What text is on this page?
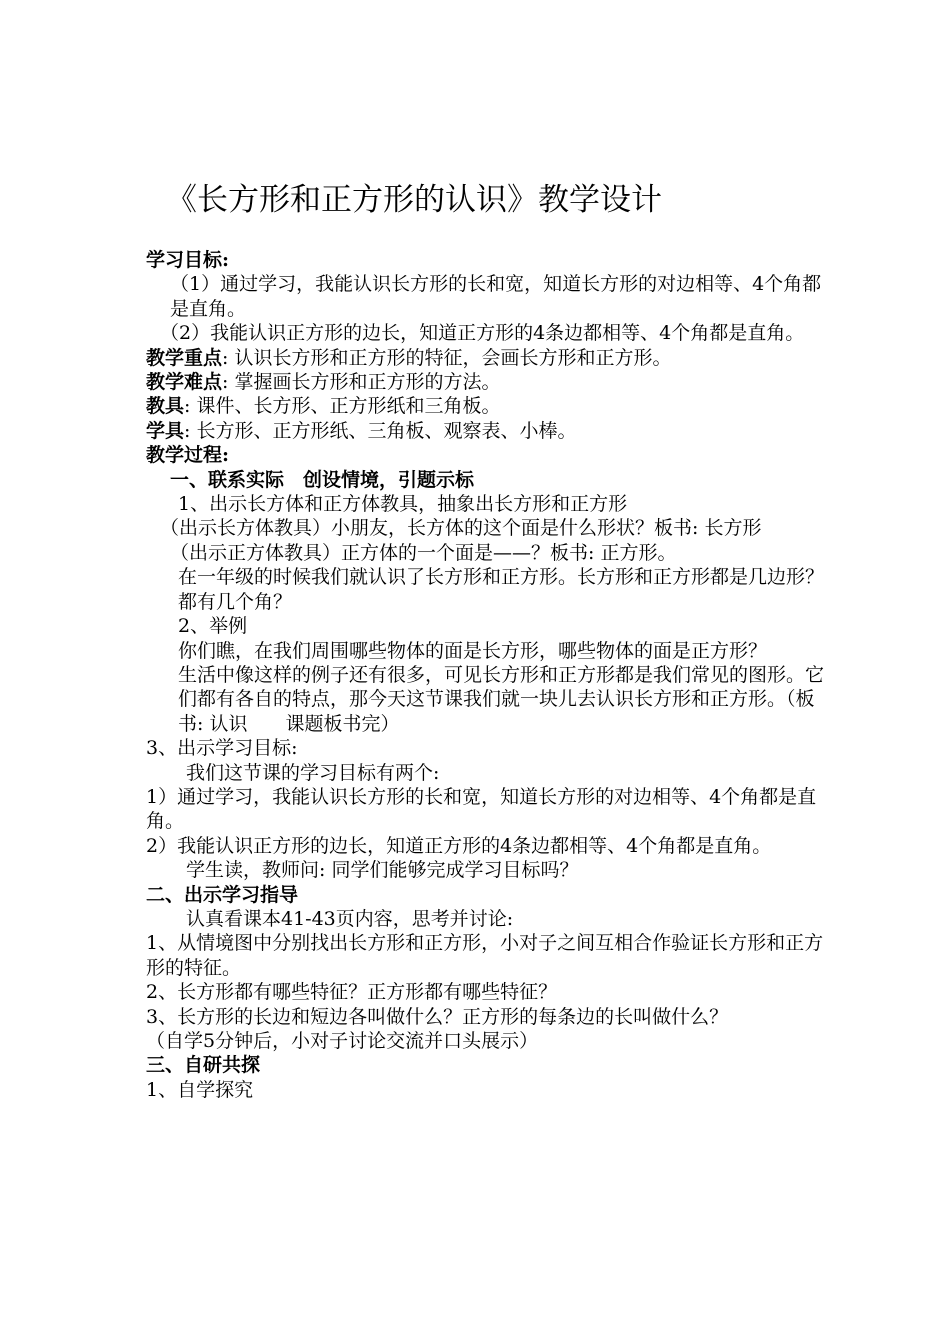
《长方形和正方形的认识》教学设计

学习目标:

（1）通过学习，我能认识长方形的长和宽，知道长方形的对边相等、4个角都是直角。

（2）我能认识正方形的边长，知道正方形的4条边都相等、4个角都是直角。

教学重点: 认识长方形和正方形的特征，会画长方形和正方形。

教学难点: 掌握画长方形和正方形的方法。

教具: 课件、长方形、正方形纸和三角板。

学具: 长方形、正方形纸、三角板、观察表、小棒。

教学过程:

一、联系实际　创设情境，引题示标

1、出示长方体和正方体教具，抽象出长方形和正方形

（出示长方体教具）小朋友，长方体的这个面是什么形状？板书: 长方形

（出示正方体教具）正方体的一个面是——？板书: 正方形。

在一年级的时候我们就认识了长方形和正方形。长方形和正方形都是几边形？都有几个角？

2、举例

你们瞧，在我们周围哪些物体的面是长方形，哪些物体的面是正方形？

生活中像这样的例子还有很多，可见长方形和正方形都是我们常见的图形。它们都有各自的特点，那今天这节课我们就一块儿去认识长方形和正方形。（板书: 认识　　课题板书完）

3、出示学习目标:

我们这节课的学习目标有两个:

1）通过学习，我能认识长方形的长和宽，知道长方形的对边相等、4个角都是直角。

2）我能认识正方形的边长，知道正方形的4条边都相等、4个角都是直角。

学生读，教师问: 同学们能够完成学习目标吗？

二、出示学习指导

认真看课本41-43页内容，思考并讨论:

1、从情境图中分别找出长方形和正方形，小对子之间互相合作验证长方形和正方形的特征。

2、长方形都有哪些特征？正方形都有哪些特征？

3、长方形的长边和短边各叫做什么？正方形的每条边的长叫做什么？

（自学5分钟后，小对子讨论交流并口头展示）

三、自研共探

1、自学探究
